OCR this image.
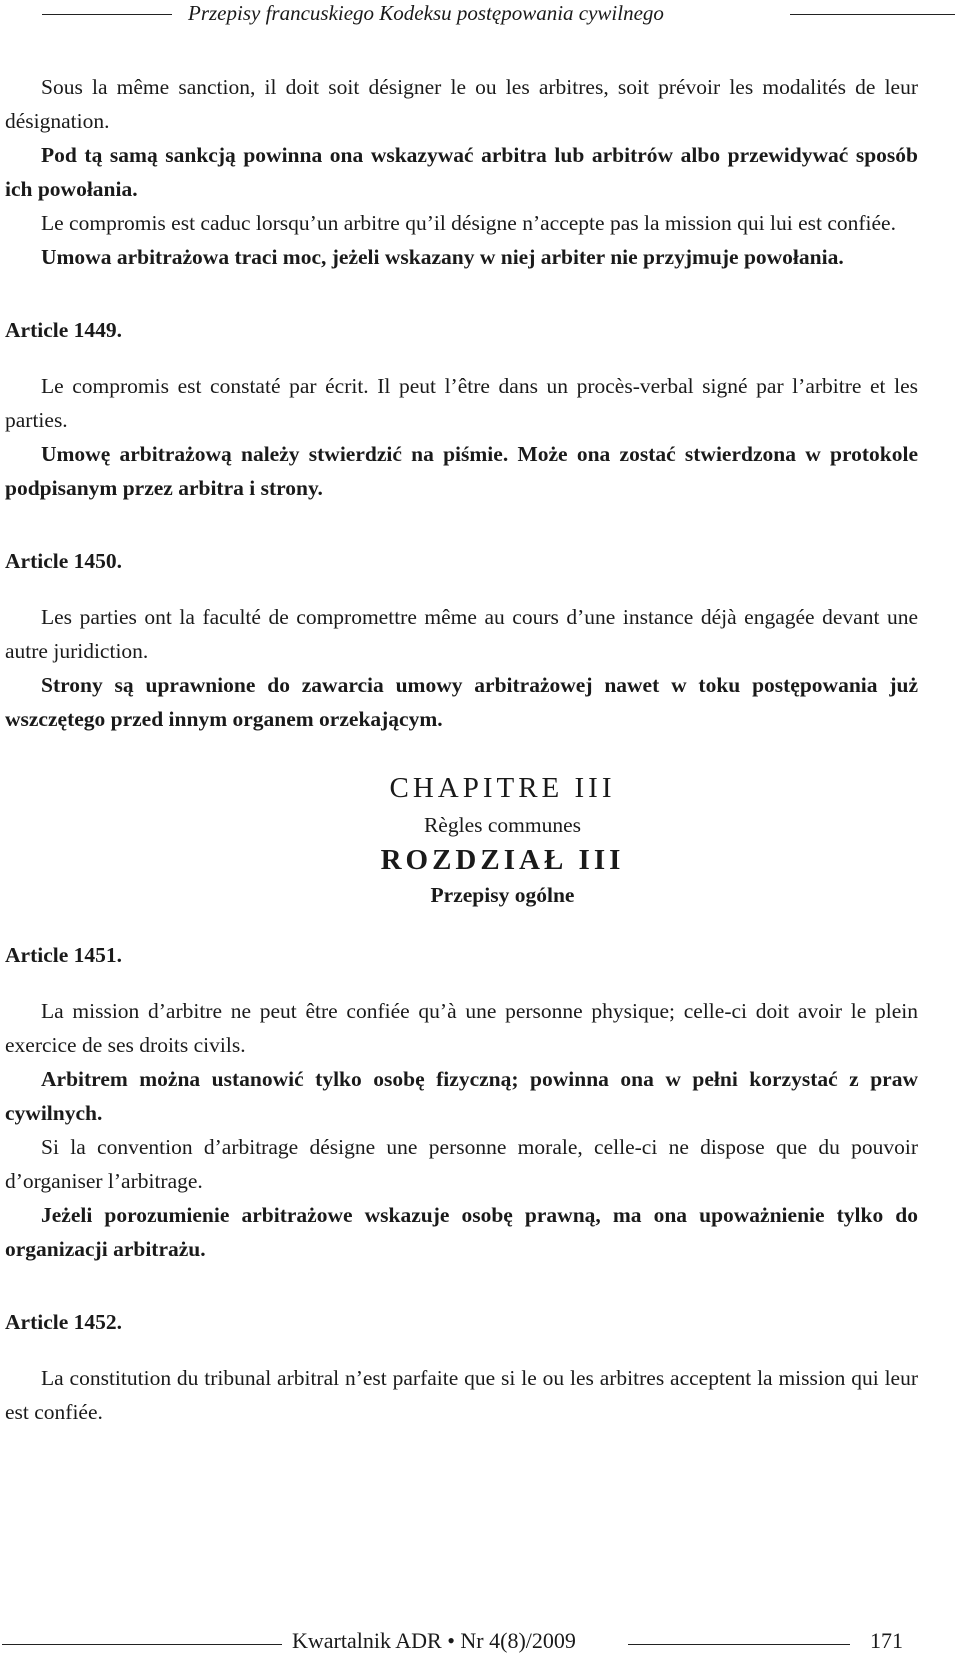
Przepisy francuskiego Kodeksu postępowania cywilnego

Sous la même sanction, il doit soit désigner le ou les arbitres, soit prévoir les modalités de leur désignation.

Pod tą samą sankcją powinna ona wskazywać arbitra lub arbitrów albo przewidywać sposób ich powołania.

Le compromis est caduc lorsqu’un arbitre qu’il désigne n’accepte pas la mission qui lui est confiée.

Umowa arbitrażowa traci moc, jeżeli wskazany w niej arbiter nie przyjmuje powołania.

Article 1449.

Le compromis est constaté par écrit. Il peut l’être dans un procès-verbal signé par l’arbitre et les parties.

Umowę arbitrażową należy stwierdzić na piśmie. Może ona zostać stwierdzona w protokole podpisanym przez arbitra i strony.

Article 1450.

Les parties ont la faculté de compromettre même au cours d’une instance déjà engagée devant une autre juridiction.

Strony są uprawnione do zawarcia umowy arbitrażowej nawet w toku postępowania już wszczętego przed innym organem orzekającym.

CHAPITRE III
Règles communes
ROZDZIAŁ III
Przepisy ogólne

Article 1451.

La mission d’arbitre ne peut être confiée qu’à une personne physique; celle-ci doit avoir le plein exercice de ses droits civils.

Arbitrem można ustanowić tylko osobę fizyczną; powinna ona w pełni korzystać z praw cywilnych.

Si la convention d’arbitrage désigne une personne morale, celle-ci ne dispose que du pouvoir d’organiser l’arbitrage.

Jeżeli porozumienie arbitrażowe wskazuje osobę prawną, ma ona upoważnienie tylko do organizacji arbitrażu.

Article 1452.

La constitution du tribunal arbitral n’est parfaite que si le ou les arbitres acceptent la mission qui leur est confiée.

Kwartalnik ADR • Nr 4(8)/2009	171
